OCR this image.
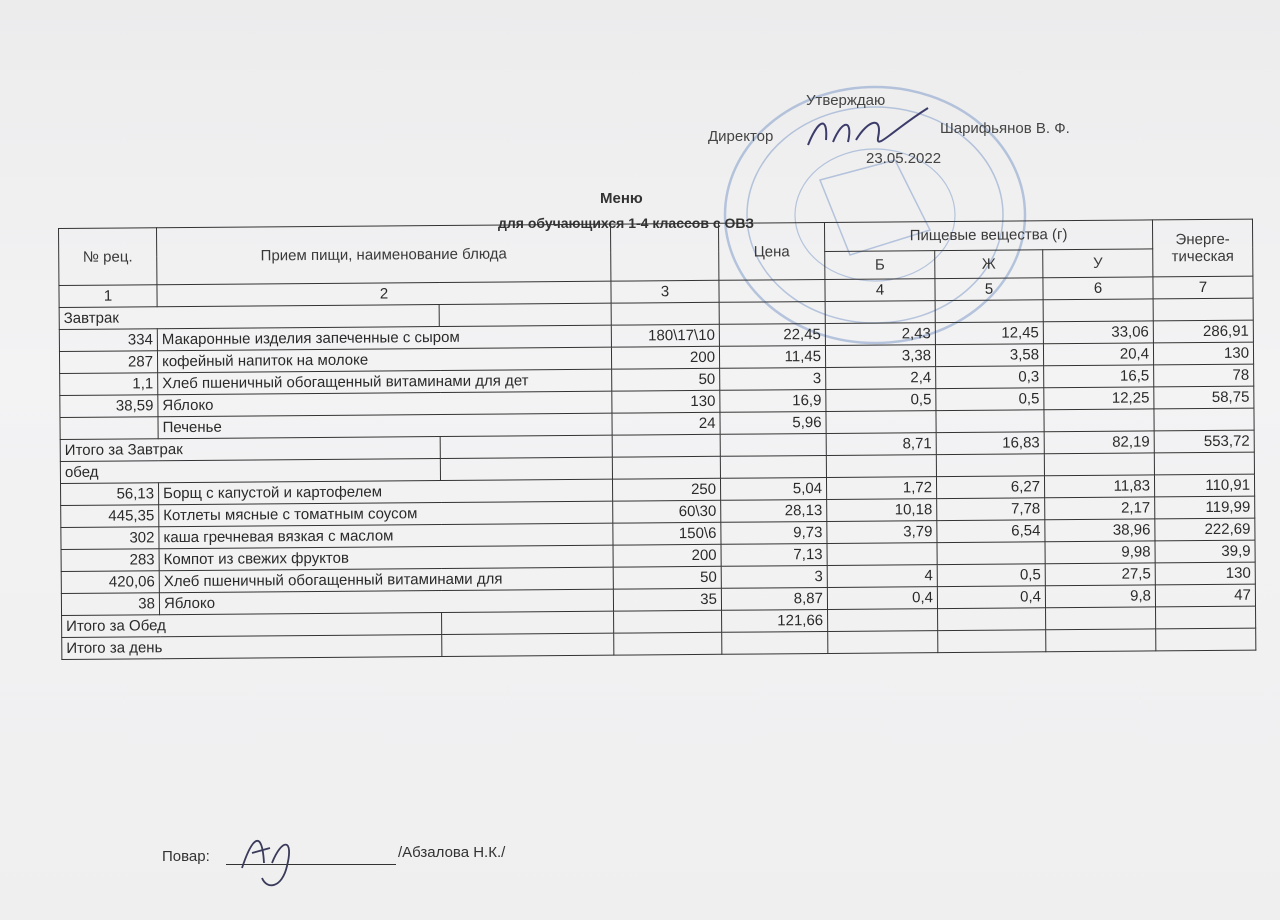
Утверждаю
Директор	Шарифьянов В. Ф.
23.05.2022
Меню
для обучающихся 1-4 классов с ОВЗ
№ рец.	Прием пищи, наименование блюда			Цена	Пищевые вещества (г)			Энерге- тическая
					Б	Ж	У	
1	2		3		4	5	6	7
Завтрак								
334	Макаронные изделия запеченные с сыром		180\17\10	22,45	2,43	12,45	33,06	286,91
287	кофейный напиток на молоке		200	11,45	3,38	3,58	20,4	130
1,1	Хлеб пшеничный обогащенный витаминами для дет		50	3	2,4	0,3	16,5	78
38,59	Яблоко		130	16,9	0,5	0,5	12,25	58,75
	Печенье		24	5,96				
Итого за Завтрак					8,71	16,83	82,19	553,72
обед								
56,13	Борщ с капустой и картофелем		250	5,04	1,72	6,27	11,83	110,91
445,35	Котлеты мясные с томатным соусом		60\30	28,13	10,18	7,78	2,17	119,99
302	каша гречневая вязкая с маслом		150\6	9,73	3,79	6,54	38,96	222,69
283	Компот из свежих фруктов		200	7,13			9,98	39,9
420,06	Хлеб пшеничный обогащенный витаминами для		50	3	4	0,5	27,5	130
38	Яблоко		35	8,87	0,4	0,4	9,8	47
Итого за Обед				121,66				
Итого за день								
Повар:	/Абзалова Н.К./
